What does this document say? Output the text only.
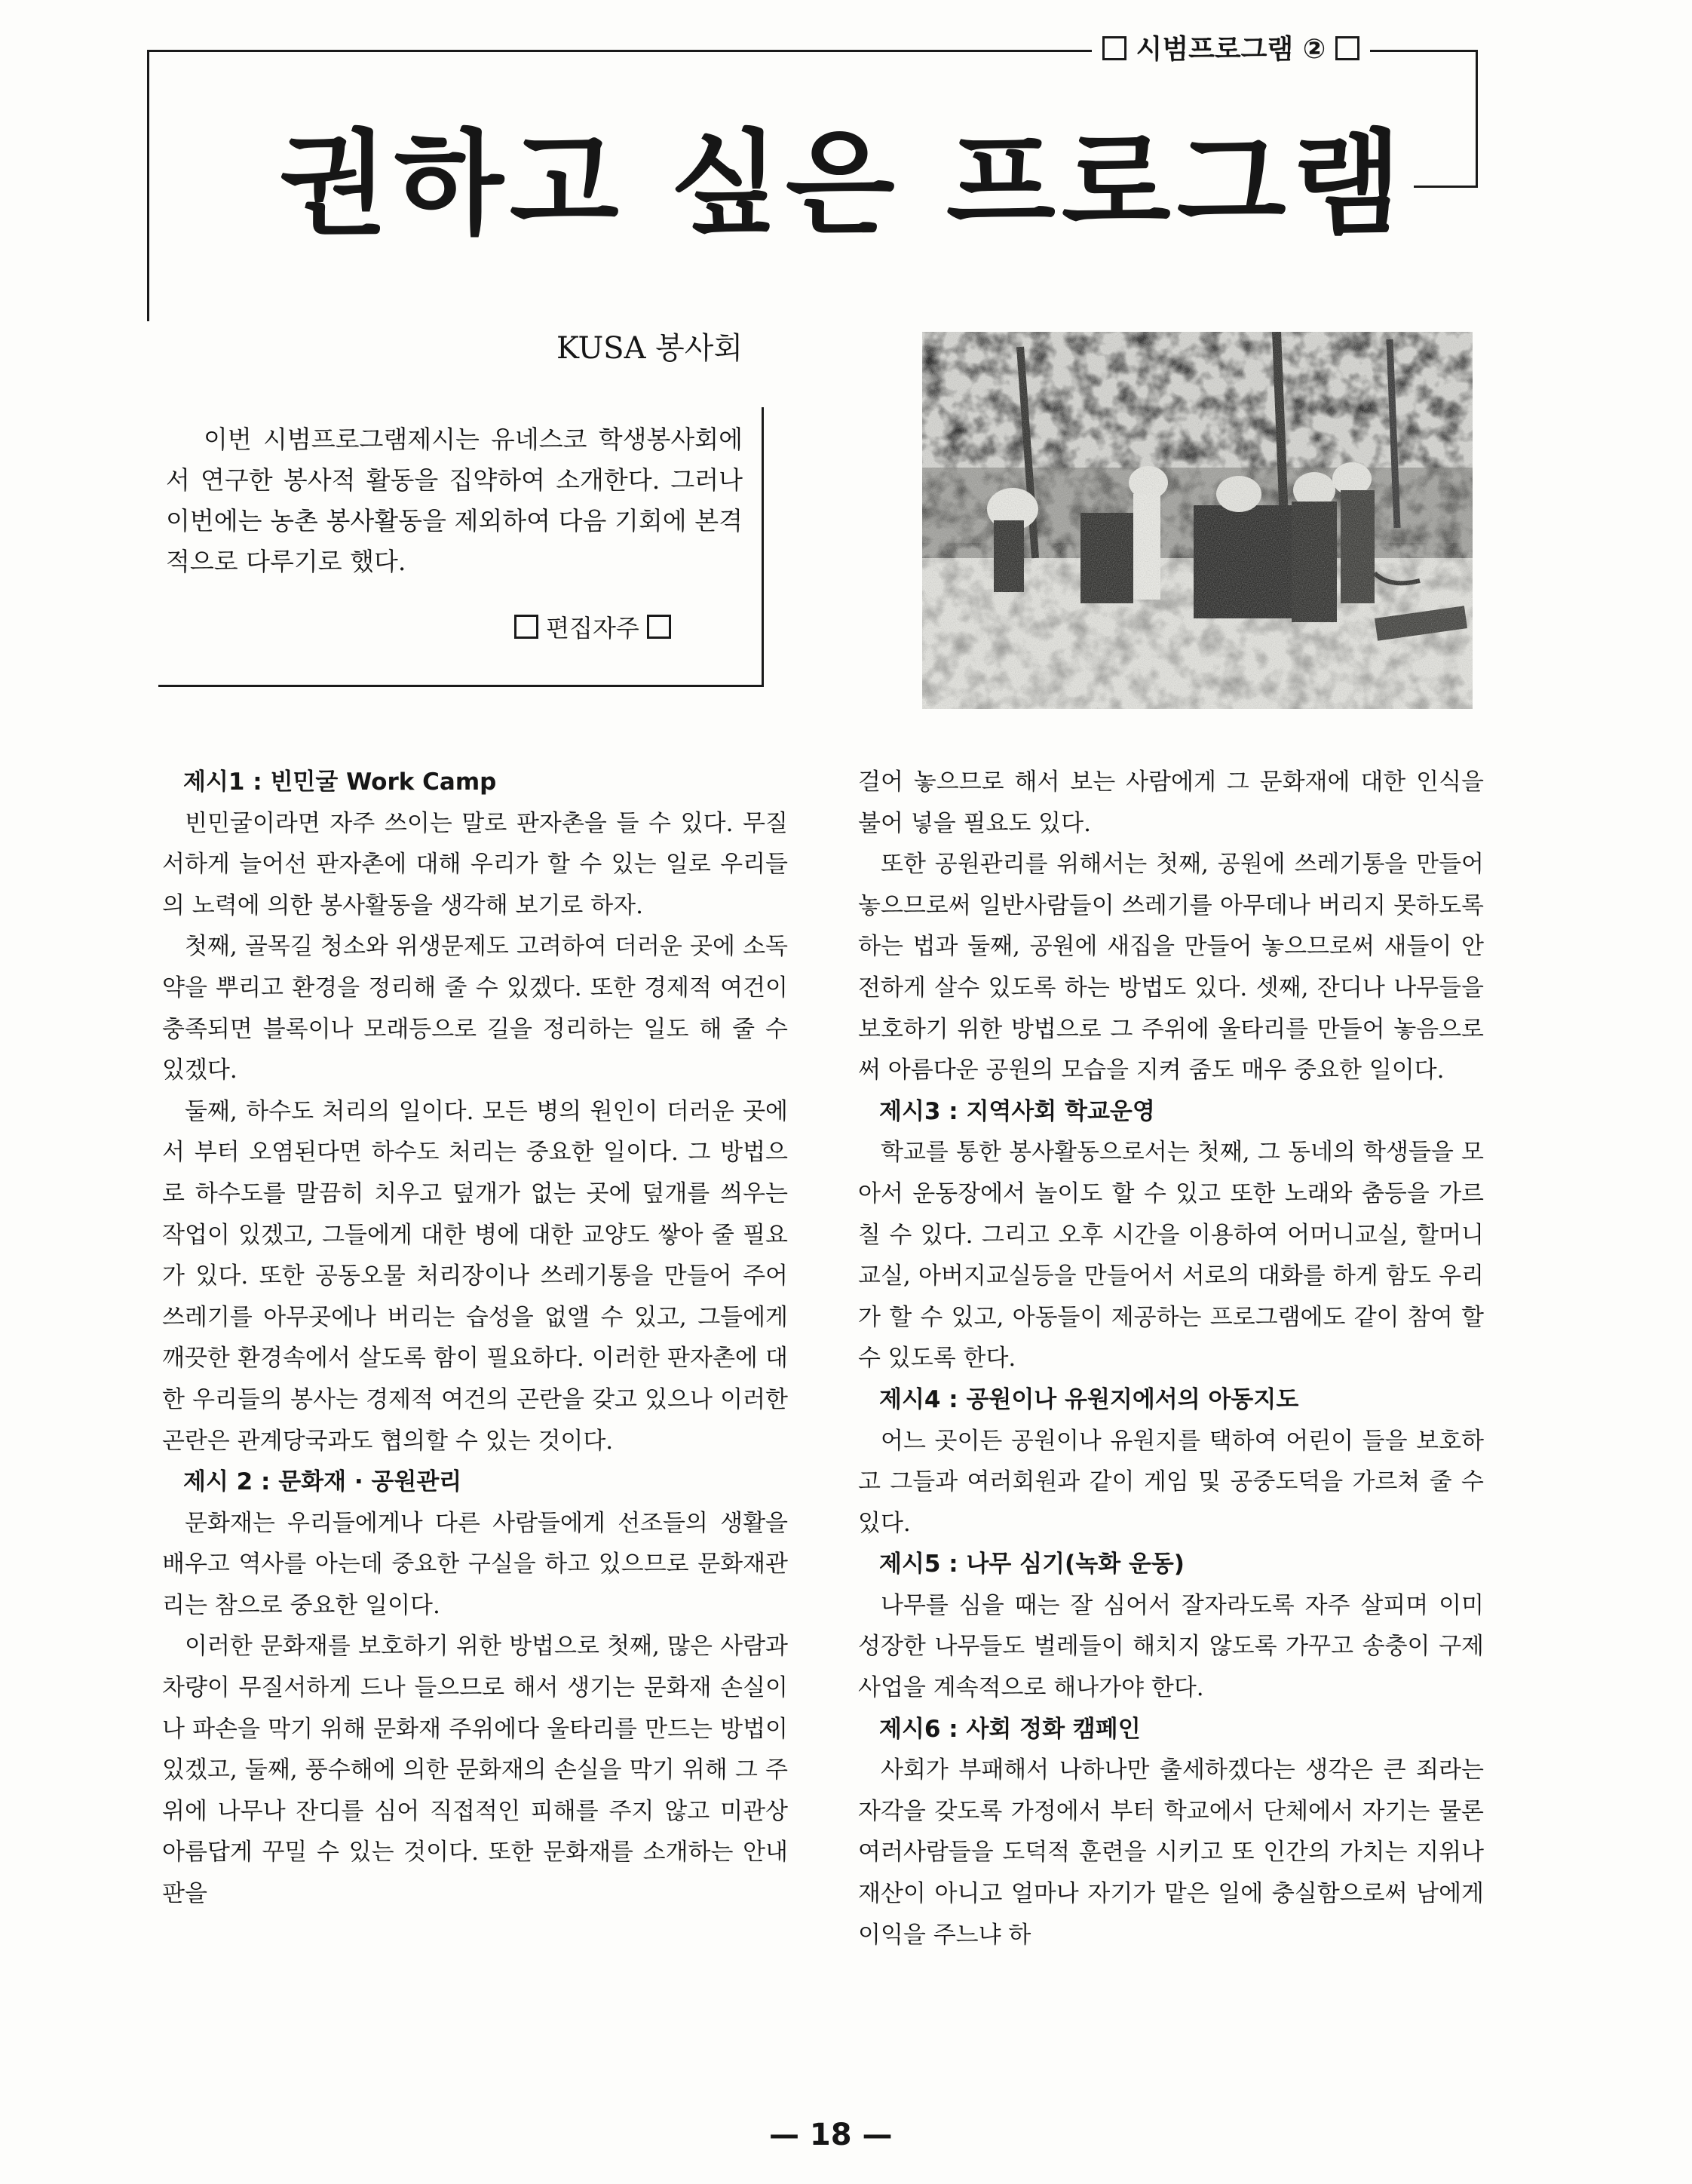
시범프로그램 ②
권하고 싶은 프로그램
KUSA 봉사회
이번 시범프로그램제시는 유네스코 학생봉사회에서 연구한 봉사적 활동을 집약하여 소개한다. 그러나 이번에는 농촌 봉사활동을 제외하여 다음 기회에 본격적으로 다루기로 했다.
편집자주

제시1 : 빈민굴 Work Camp

빈민굴이라면 자주 쓰이는 말로 판자촌을 들 수 있다. 무질서하게 늘어선 판자촌에 대해 우리가 할 수 있는 일로 우리들의 노력에 의한 봉사활동을 생각해 보기로 하자.

첫째, 골목길 청소와 위생문제도 고려하여 더러운 곳에 소독약을 뿌리고 환경을 정리해 줄 수 있겠다. 또한 경제적 여건이 충족되면 블록이나 모래등으로 길을 정리하는 일도 해 줄 수 있겠다.

둘째, 하수도 처리의 일이다. 모든 병의 원인이 더러운 곳에서 부터 오염된다면 하수도 처리는 중요한 일이다. 그 방법으로 하수도를 말끔히 치우고 덮개가 없는 곳에 덮개를 씌우는 작업이 있겠고, 그들에게 대한 병에 대한 교양도 쌓아 줄 필요가 있다. 또한 공동오물 처리장이나 쓰레기통을 만들어 주어 쓰레기를 아무곳에나 버리는 습성을 없앨 수 있고, 그들에게 깨끗한 환경속에서 살도록 함이 필요하다. 이러한 판자촌에 대한 우리들의 봉사는 경제적 여건의 곤란을 갖고 있으나 이러한 곤란은 관계당국과도 협의할 수 있는 것이다.

제시 2 : 문화재 · 공원관리

문화재는 우리들에게나 다른 사람들에게 선조들의 생활을 배우고 역사를 아는데 중요한 구실을 하고 있으므로 문화재관리는 참으로 중요한 일이다.

이러한 문화재를 보호하기 위한 방법으로 첫째, 많은 사람과 차량이 무질서하게 드나 들으므로 해서 생기는 문화재 손실이나 파손을 막기 위해 문화재 주위에다 울타리를 만드는 방법이 있겠고, 둘째, 풍수해에 의한 문화재의 손실을 막기 위해 그 주위에 나무나 잔디를 심어 직접적인 피해를 주지 않고 미관상 아름답게 꾸밀 수 있는 것이다. 또한 문화재를 소개하는 안내판을

걸어 놓으므로 해서 보는 사람에게 그 문화재에 대한 인식을 불어 넣을 필요도 있다.

또한 공원관리를 위해서는 첫째, 공원에 쓰레기통을 만들어 놓으므로써 일반사람들이 쓰레기를 아무데나 버리지 못하도록 하는 법과 둘째, 공원에 새집을 만들어 놓으므로써 새들이 안전하게 살수 있도록 하는 방법도 있다. 셋째, 잔디나 나무들을 보호하기 위한 방법으로 그 주위에 울타리를 만들어 놓음으로써 아름다운 공원의 모습을 지켜 줌도 매우 중요한 일이다.

제시3 : 지역사회 학교운영

학교를 통한 봉사활동으로서는 첫째, 그 동네의 학생들을 모아서 운동장에서 놀이도 할 수 있고 또한 노래와 춤등을 가르칠 수 있다. 그리고 오후 시간을 이용하여 어머니교실, 할머니교실, 아버지교실등을 만들어서 서로의 대화를 하게 함도 우리가 할 수 있고, 아동들이 제공하는 프로그램에도 같이 참여 할 수 있도록 한다.

제시4 : 공원이나 유원지에서의 아동지도

어느 곳이든 공원이나 유원지를 택하여 어린이 들을 보호하고 그들과 여러회원과 같이 게임 및 공중도덕을 가르쳐 줄 수 있다.

제시5 : 나무 심기(녹화 운동)

나무를 심을 때는 잘 심어서 잘자라도록 자주 살피며 이미 성장한 나무들도 벌레들이 해치지 않도록 가꾸고 송충이 구제사업을 계속적으로 해나가야 한다.

제시6 : 사회 정화 캠페인

사회가 부패해서 나하나만 출세하겠다는 생각은 큰 죄라는 자각을 갖도록 가정에서 부터 학교에서 단체에서 자기는 물론 여러사람들을 도덕적 훈련을 시키고 또 인간의 가치는 지위나 재산이 아니고 얼마나 자기가 맡은 일에 충실함으로써 남에게 이익을 주느냐 하

— 18 —
